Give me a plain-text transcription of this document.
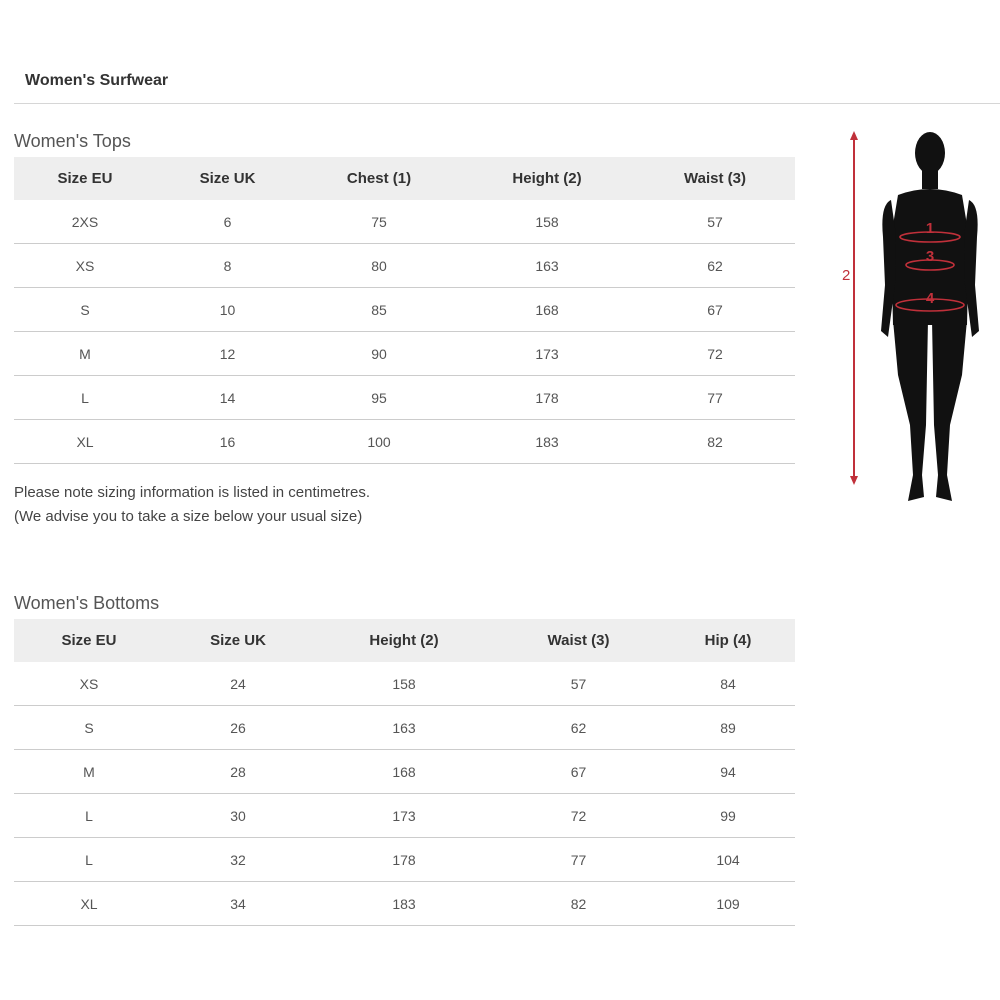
Women's Surfwear
Women's Tops
Size EU	Size UK	Chest (1)	Height (2)	Waist (3)
2XS	6	75	158	57
XS	8	80	163	62
S	10	85	168	67
M	12	90	173	72
L	14	95	178	77
XL	16	100	183	82
Please note sizing information is listed in centimetres.
(We advise you to take a size below your usual size)
Women's Bottoms
Size EU	Size UK	Height (2)	Waist (3)	Hip (4)
XS	24	158	57	84
S	26	163	62	89
M	28	168	67	94
L	30	173	72	99
L	32	178	77	104
XL	34	183	82	109
2
1
3
4
